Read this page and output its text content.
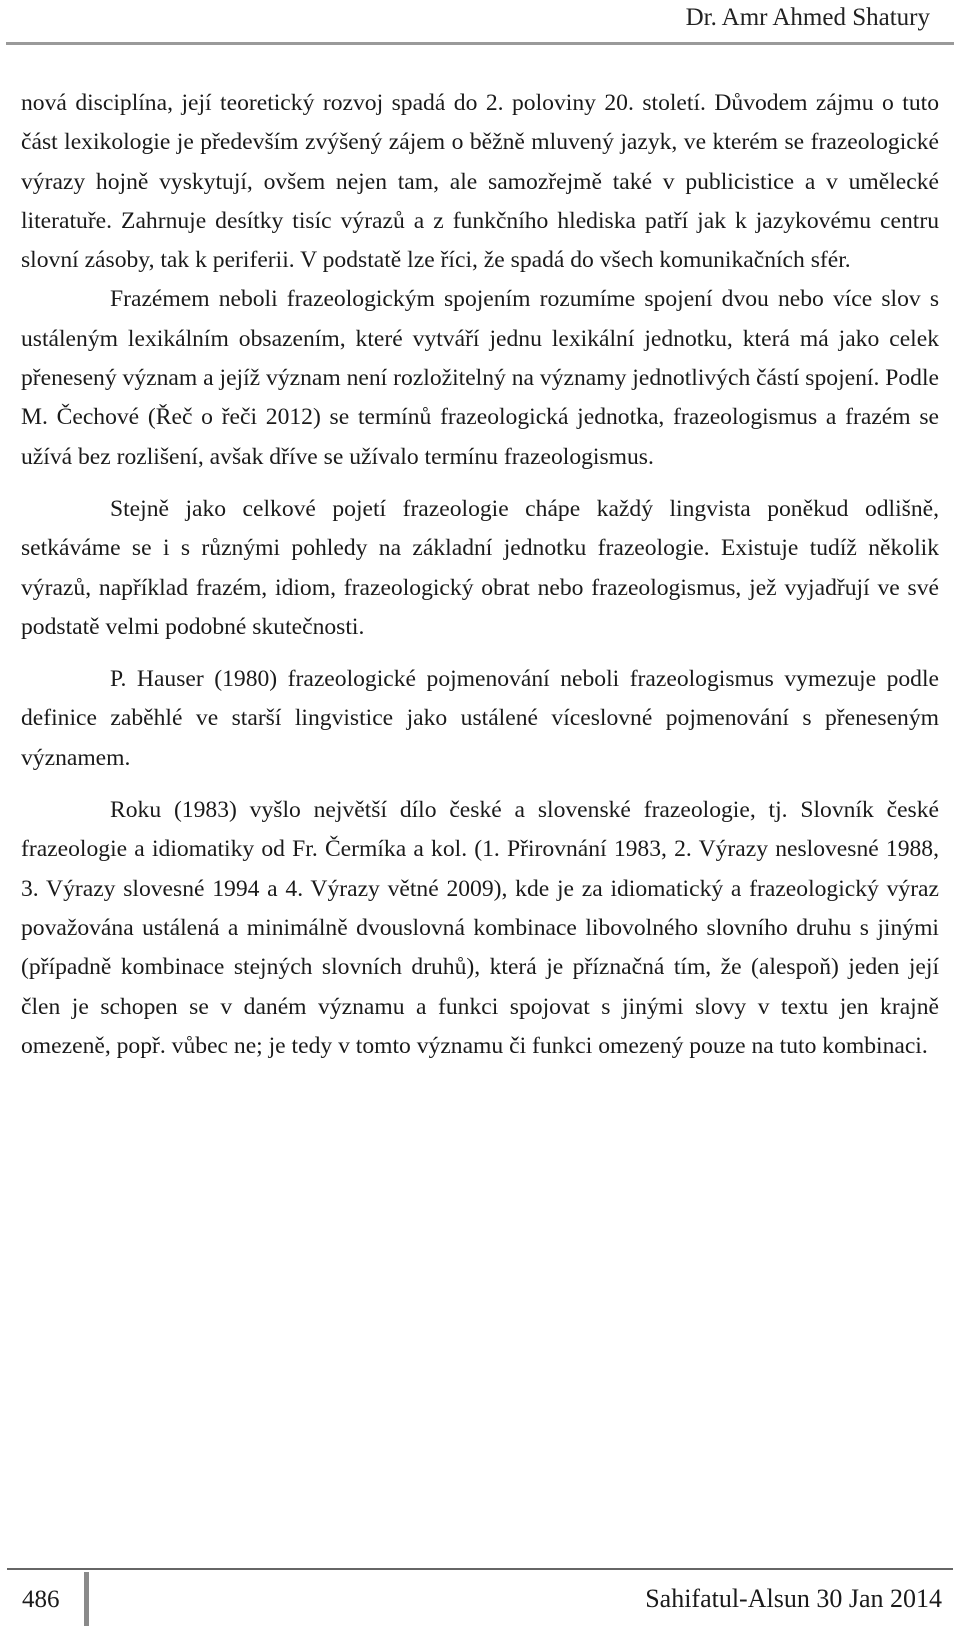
Dr. Amr Ahmed Shatury

nová disciplína, její teoretický rozvoj spadá do 2. poloviny 20. století. Důvodem zájmu o tuto část lexikologie je především zvýšený zájem o běžně mluvený jazyk, ve kterém se frazeologické výrazy hojně vyskytují, ovšem nejen tam, ale samozřejmě také v publicistice a v umělecké literatuře. Zahrnuje desítky tisíc výrazů a z funkčního hlediska patří jak k jazykovému centru slovní zásoby, tak k periferii. V podstatě lze říci, že spadá do všech komunikačních sfér.

Frazémem neboli frazeologickým spojením rozumíme spojení dvou nebo více slov s ustáleným lexikálním obsazením, které vytváří jednu lexikální jednotku, která má jako celek přenesený význam a jejíž význam není rozložitelný na významy jednotlivých částí spojení. Podle M. Čechové (Řeč o řeči 2012) se termínů frazeologická jednotka, frazeologismus a frazém se užívá bez rozlišení, avšak dříve se užívalo termínu frazeologismus.

Stejně jako celkové pojetí frazeologie chápe každý lingvista poněkud odlišně, setkáváme se i s různými pohledy na základní jednotku frazeologie. Existuje tudíž několik výrazů, například frazém, idiom, frazeologický obrat nebo frazeologismus, jež vyjadřují ve své podstatě velmi podobné skutečnosti.

P. Hauser (1980) frazeologické pojmenování neboli frazeologismus vymezuje podle definice zaběhlé ve starší lingvistice jako ustálené víceslovné pojmenování s přeneseným významem.

Roku (1983) vyšlo největší dílo české a slovenské frazeologie, tj. Slovník české frazeologie a idiomatiky od Fr. Čermíka a kol. (1. Přirovnání 1983, 2. Výrazy neslovesné 1988, 3. Výrazy slovesné 1994 a 4. Výrazy větné 2009), kde je za idiomatický a frazeologický výraz považována ustálená a minimálně dvouslovná kombinace libovolného slovního druhu s jinými (případně kombinace stejných slovních druhů), která je příznačná tím, že (alespoň) jeden její člen je schopen se v daném významu a funkci spojovat s jinými slovy v textu jen krajně omezeně, popř. vůbec ne; je tedy v tomto významu či funkci omezený pouze na tuto kombinaci.

486	Sahifatul-Alsun 30 Jan 2014
